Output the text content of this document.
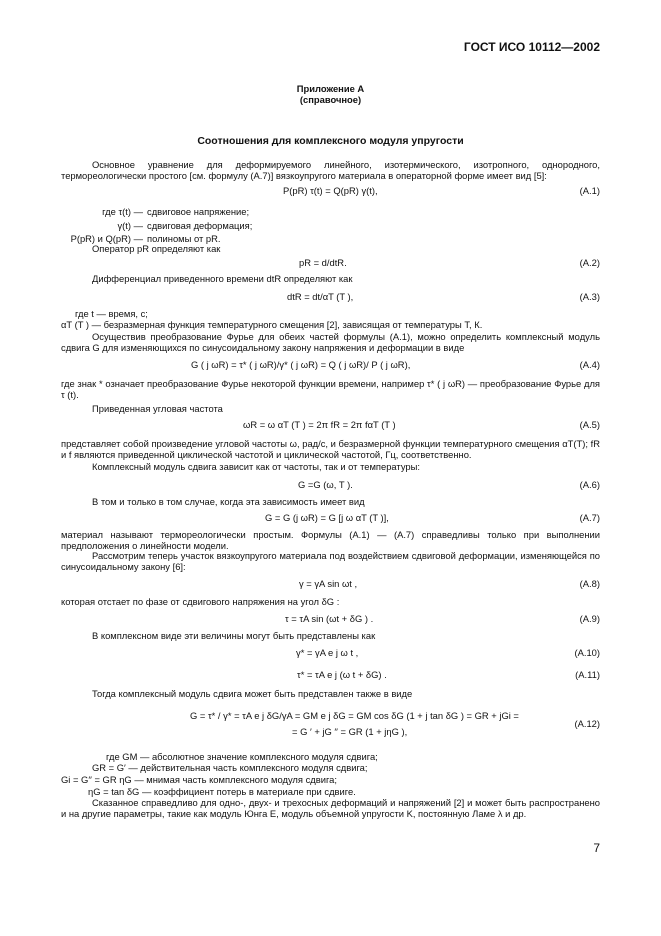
ГОСТ ИСО 10112—2002
Приложение А
(справочное)
Соотношения для комплексного модуля упругости
Основное уравнение для деформируемого линейного, изотермического, изотропного, однородного, термореологически простого [см. формулу (А.7)] вязкоупругого материала в операторной форме имеет вид [5]:
P(pR) τ(t) = Q(pR) γ(t),	(А.1)
где τ(t) — сдвиговое напряжение;
γ(t) — сдвиговая деформация;
P(pR) и Q(pR) — полиномы от pR.
Оператор pR определяют как
pR = d/dtR.	(А.2)
Дифференциал приведенного времени dtR определяют как
dtR = dt/αT (T ),	(А.3)
где t — время, с;
αT (T ) — безразмерная функция температурного смещения [2], зависящая от температуры T, К.
Осуществив преобразование Фурье для обеих частей формулы (А.1), можно определить комплексный модуль сдвига G для изменяющихся по синусоидальному закону напряжения и деформации в виде
G ( j ωR) = τ* ( j ωR)/γ* ( j ωR) = Q ( j ωR)/ P ( j ωR),	(А.4)
где знак * означает преобразование Фурье некоторой функции времени, например τ* ( j ωR) — преобразование Фурье для τ (t).
Приведенная угловая частота
ωR = ω αT (T ) = 2π fR = 2π fαT (T )	(А.5)
представляет собой произведение угловой частоты ω, рад/с, и безразмерной функции температурного смещения αT(T); fR и f являются приведенной циклической частотой и циклической частотой, Гц, соответственно.
Комплексный модуль сдвига зависит как от частоты, так и от температуры:
G =G (ω, T ).	(А.6)
В том и только в том случае, когда эта зависимость имеет вид
G = G (j ωR) = G [j ω αT (T )],	(А.7)
материал называют термореологически простым. Формулы (А.1) — (А.7) справедливы только при выполнении предположения о линейности модели.
Рассмотрим теперь участок вязкоупругого материала под воздействием сдвиговой деформации, изменяющейся по синусоидальному закону [6]:
γ = γA sin ωt ,	(А.8)
которая отстает по фазе от сдвигового напряжения на угол δG :
τ = τA sin (ωt + δG ) .	(А.9)
В комплексном виде эти величины могут быть представлены как
γ* = γA e j ω t ,	(А.10)
τ* = τA e j (ω t + δG) .	(А.11)
Тогда комплексный модуль сдвига может быть представлен также в виде
G = τ* / γ* = τA e j δG/γA = GM e j δG = GM cos δG (1 + j tan δG ) = GR + jGi =
= G ′ + jG ′′ = GR (1 + jηG ),
(А.12)
где GM — абсолютное значение комплексного модуля сдвига;
GR = G′ — действительная часть комплексного модуля сдвига;
Gi = G′′ = GR ηG — мнимая часть комплексного модуля сдвига;
ηG = tan δG — коэффициент потерь в материале при сдвиге.
Сказанное справедливо для одно-, двух- и трехосных деформаций и напряжений [2] и может быть распространено и на другие параметры, такие как модуль Юнга E, модуль объемной упругости K, постоянную Ламе λ и др.
7
